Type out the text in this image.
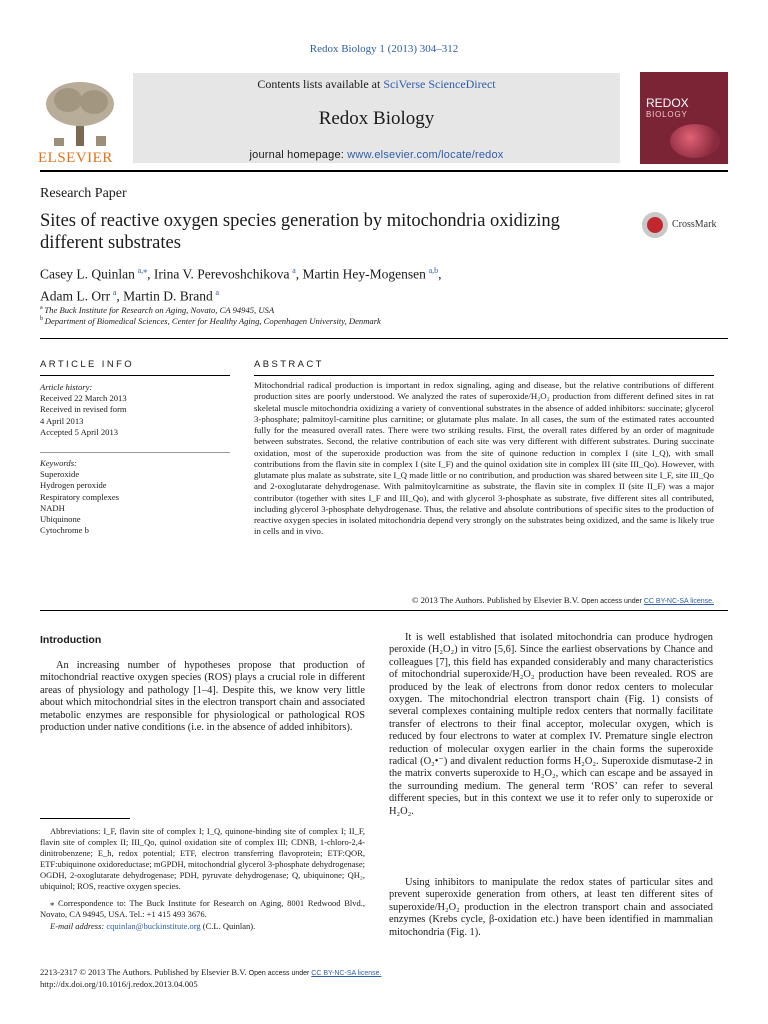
Redox Biology 1 (2013) 304–312
ELSEVIER
Contents lists available at SciVerse ScienceDirect
Redox Biology
journal homepage: www.elsevier.com/locate/redox
REDOX
BIOLOGY
Research Paper
Sites of reactive oxygen species generation by mitochondria oxidizing different substrates
CrossMark
Casey L. Quinlan  $^{a,⁎}$, Irina V. Perevoshchikova  $^a$, Martin Hey-Mogensen  $^{a,b}$,
Adam L. Orr  $^a$, Martin D. Brand  $^a$
$^a$  The Buck Institute for Research on Aging, Novato, CA 94945, USA
$^b$  Department of Biomedical Sciences, Center for Healthy Aging, Copenhagen University, Denmark
ARTICLE INFO
Article history:
Received 22 March 2013
Received in revised form
4 April 2013
Accepted 5 April 2013
Keywords:
Superoxide
Hydrogen peroxide
Respiratory complexes
NADH
Ubiquinone
Cytochrome b
ABSTRACT
Mitochondrial radical production is important in redox signaling, aging and disease, but the relative contributions of different production sites are poorly understood. We analyzed the rates of superoxide/H₂O₂ production from different defined sites in rat skeletal muscle mitochondria oxidizing a variety of conventional substrates in the absence of added inhibitors: succinate; glycerol 3-phosphate; palmitoyl-carnitine plus carnitine; or glutamate plus malate. In all cases, the sum of the estimated rates accounted fully for the measured overall rates. There were two striking results. First, the overall rates differed by an order of magnitude between substrates. Second, the relative contribution of each site was very different with different substrates. During succinate oxidation, most of the superoxide production was from the site of quinone reduction in complex I (site I_Q), with small contributions from the flavin site in complex I (site I_F) and the quinol oxidation site in complex III (site III_Qo). However, with glutamate plus malate as substrate, site I_Q made little or no contribution, and production was shared between site I_F, site III_Qo and 2-oxoglutarate dehydrogenase. With palmitoylcarnitine as substrate, the flavin site in complex II (site II_F) was a major contributor (together with sites I_F and III_Qo), and with glycerol 3-phosphate as substrate, five different sites all contributed, including glycerol 3-phosphate dehydrogenase. Thus, the relative and absolute contributions of specific sites to the production of reactive oxygen species in isolated mitochondria depend very strongly on the substrates being oxidized, and the same is likely true in cells and in vivo.
© 2013 The Authors. Published by Elsevier B.V. Open access under CC BY-NC-SA license.
Introduction
An increasing number of hypotheses propose that production of mitochondrial reactive oxygen species (ROS) plays a crucial role in different areas of physiology and pathology [1–4]. Despite this, we know very little about which mitochondrial sites in the electron transport chain and associated metabolic enzymes are responsible for physiological or pathological ROS production under native conditions (i.e. in the absence of added inhibitors).
Abbreviations: I_F, flavin site of complex I; I_Q, quinone-binding site of complex I; II_F, flavin site of complex II; III_Qo, quinol oxidation site of complex III; CDNB, 1-chloro-2,4-dinitrobenzene; E_h, redox potential; ETF, electron transferring flavoprotein; ETF:QOR, ETF:ubiquinone oxidoreductase; mGPDH, mitochondrial glycerol 3-phosphate dehydrogenase; OGDH, 2-oxoglutarate dehydrogenase; PDH, pyruvate dehydrogenase; Q, ubiquinone; QH₂, ubiquinol; ROS, reactive oxygen species.
⁎ Correspondence to: The Buck Institute for Research on Aging, 8001 Redwood Blvd., Novato, CA 94945, USA. Tel.: +1 415 493 3676.
E-mail address: cquinlan@buckinstitute.org (C.L. Quinlan).
It is well established that isolated mitochondria can produce hydrogen peroxide (H₂O₂) in vitro [5,6]. Since the earliest observations by Chance and colleagues [7], this field has expanded considerably and many characteristics of mitochondrial superoxide/H₂O₂ production have been revealed. ROS are produced by the leak of electrons from donor redox centers to molecular oxygen. The mitochondrial electron transport chain (Fig. 1) consists of several complexes containing multiple redox centers that normally facilitate transfer of electrons to their final acceptor, molecular oxygen, which is reduced by four electrons to water at complex IV. Premature single electron reduction of molecular oxygen earlier in the chain forms the superoxide radical (O₂•⁻) and divalent reduction forms H₂O₂. Superoxide dismutase-2 in the matrix converts superoxide to H₂O₂, which can escape and be assayed in the surrounding medium. The general term ‘ROS’ can refer to several different species, but in this context we use it to refer only to superoxide or H₂O₂.
Using inhibitors to manipulate the redox states of particular sites and prevent superoxide generation from others, at least ten different sites of superoxide/H₂O₂ production in the electron transport chain and associated enzymes (Krebs cycle, β-oxidation etc.) have been identified in mammalian mitochondria (Fig. 1).
2213-2317 © 2013 The Authors. Published by Elsevier B.V. Open access under CC BY-NC-SA license.
http://dx.doi.org/10.1016/j.redox.2013.04.005
